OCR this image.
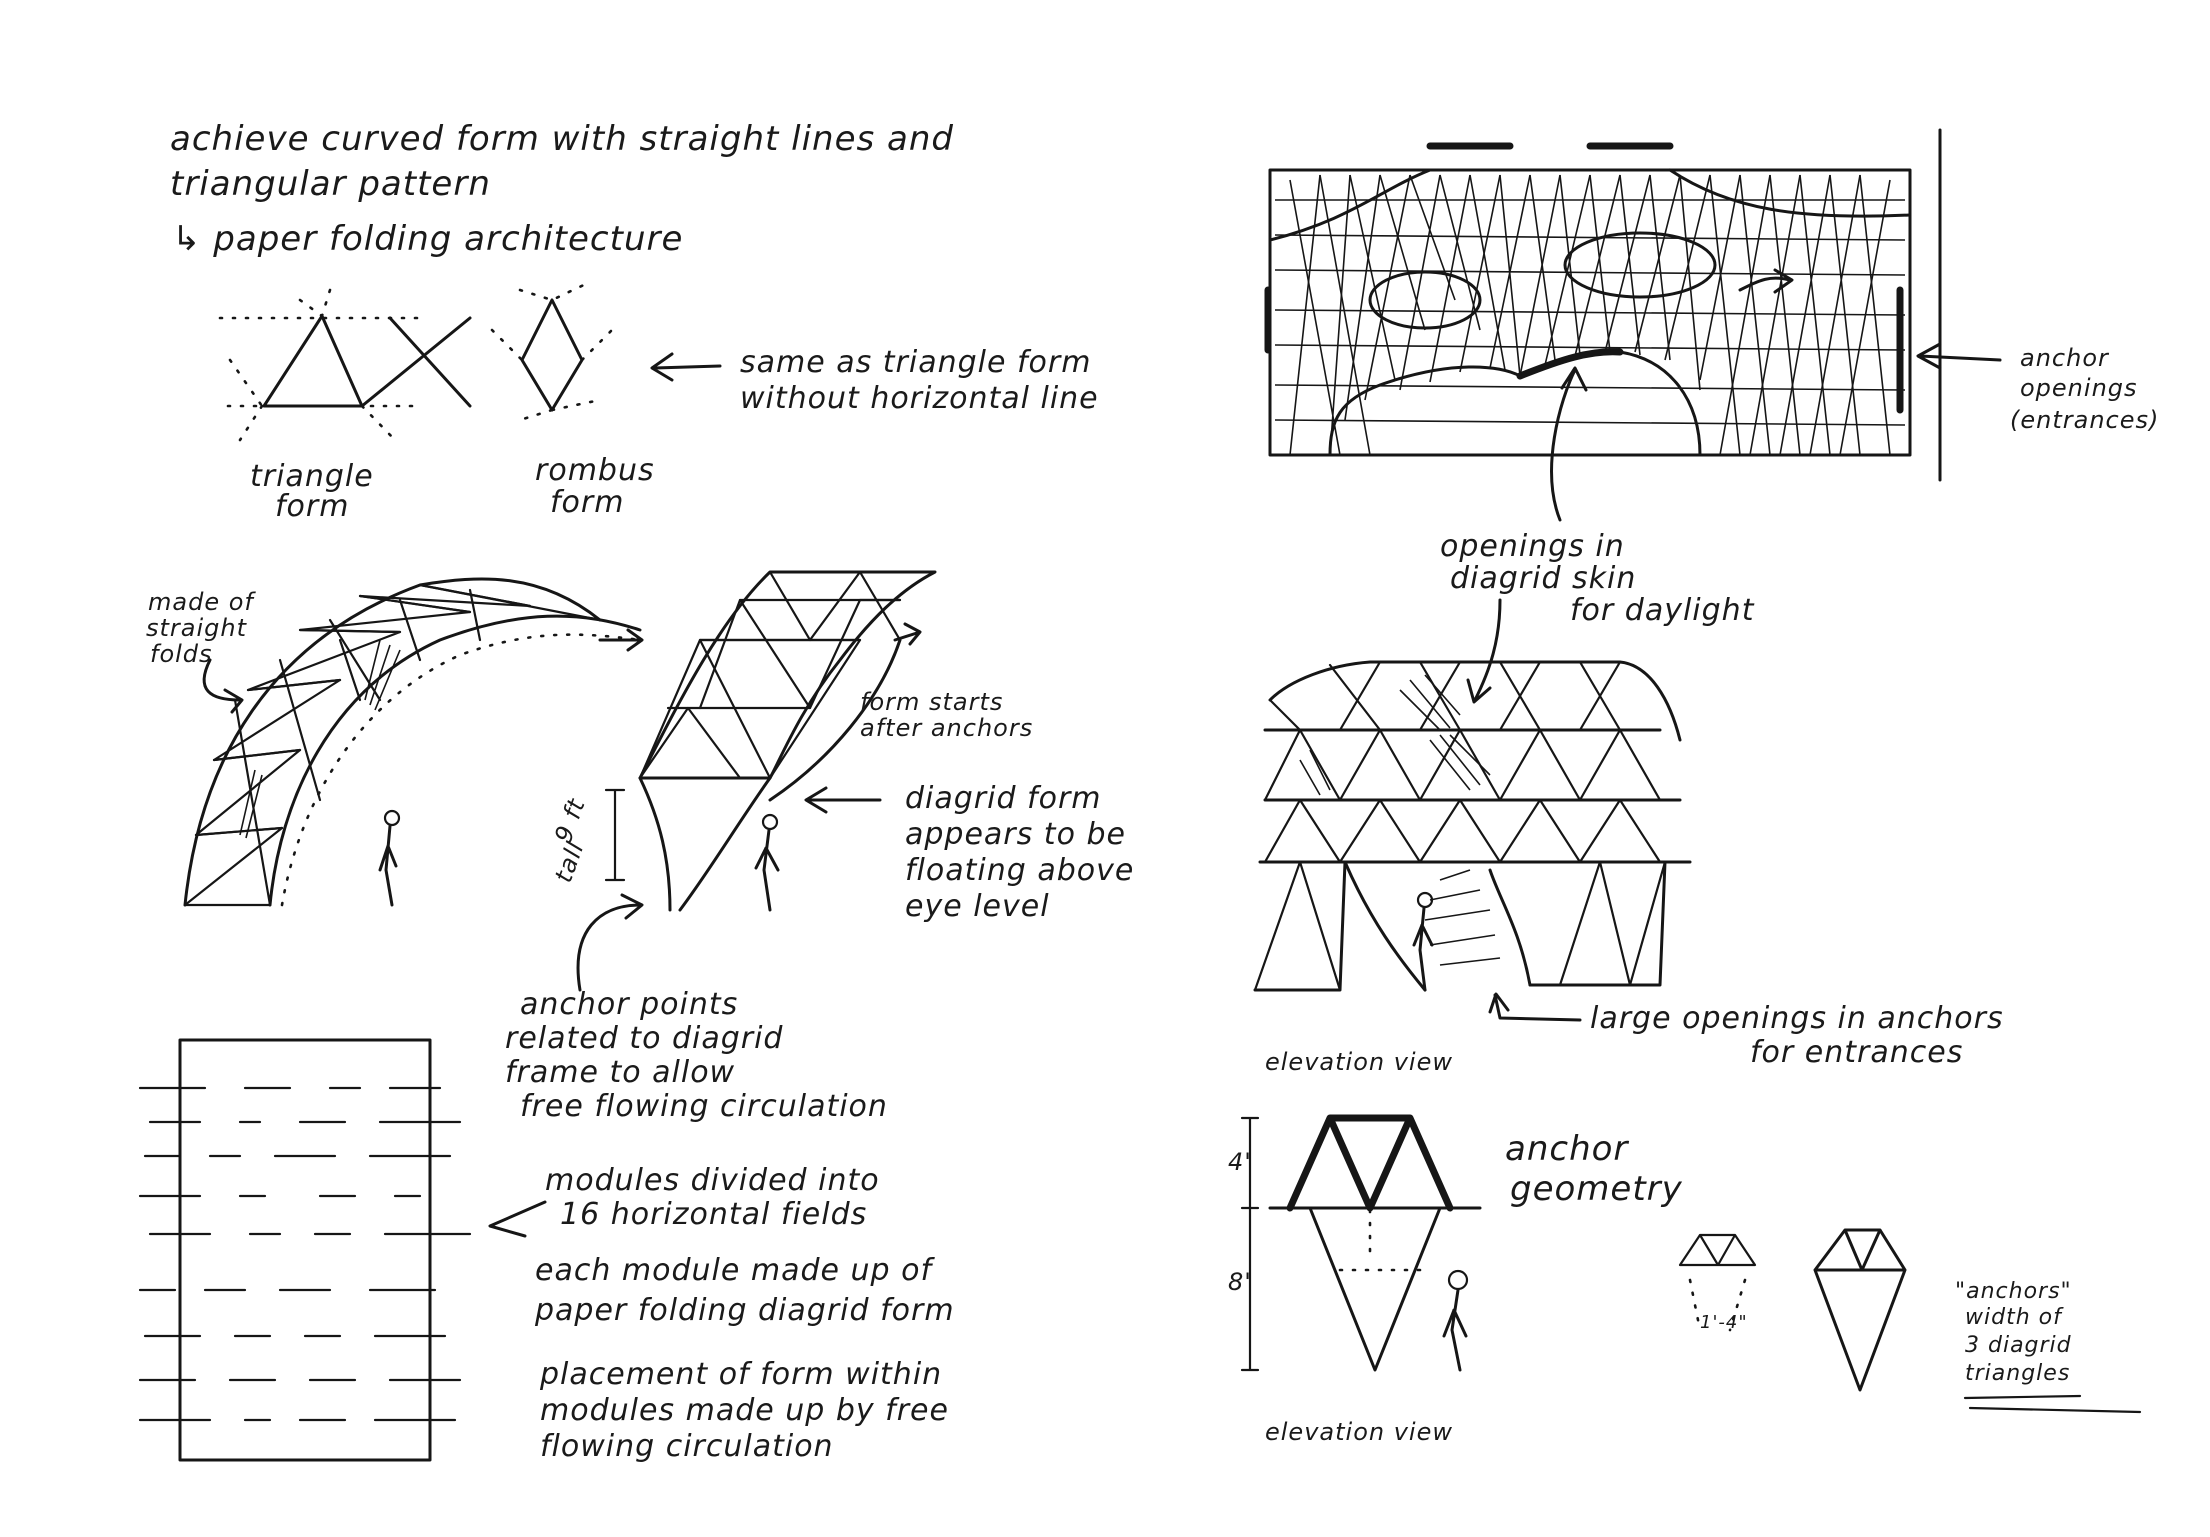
achieve curved form with straight lines and
triangular pattern
↳ paper folding architecture
triangle
form
rombus
form
same as triangle form
without horizontal line
made of
straight
folds
9 ft
tall
form starts
after anchors
diagrid form
appears to be
floating above
eye level
anchor points
related to diagrid
frame to allow
free flowing circulation
modules divided into
16 horizontal fields
each module made up of
paper folding diagrid form
placement of form within
modules made up by free
flowing circulation
anchor
openings
(entrances)
openings in
diagrid skin
for daylight
large openings in anchors
for entrances
elevation view
4'
8'
anchor
geometry
elevation view
1'-4"
"anchors"
width of
3 diagrid
triangles
